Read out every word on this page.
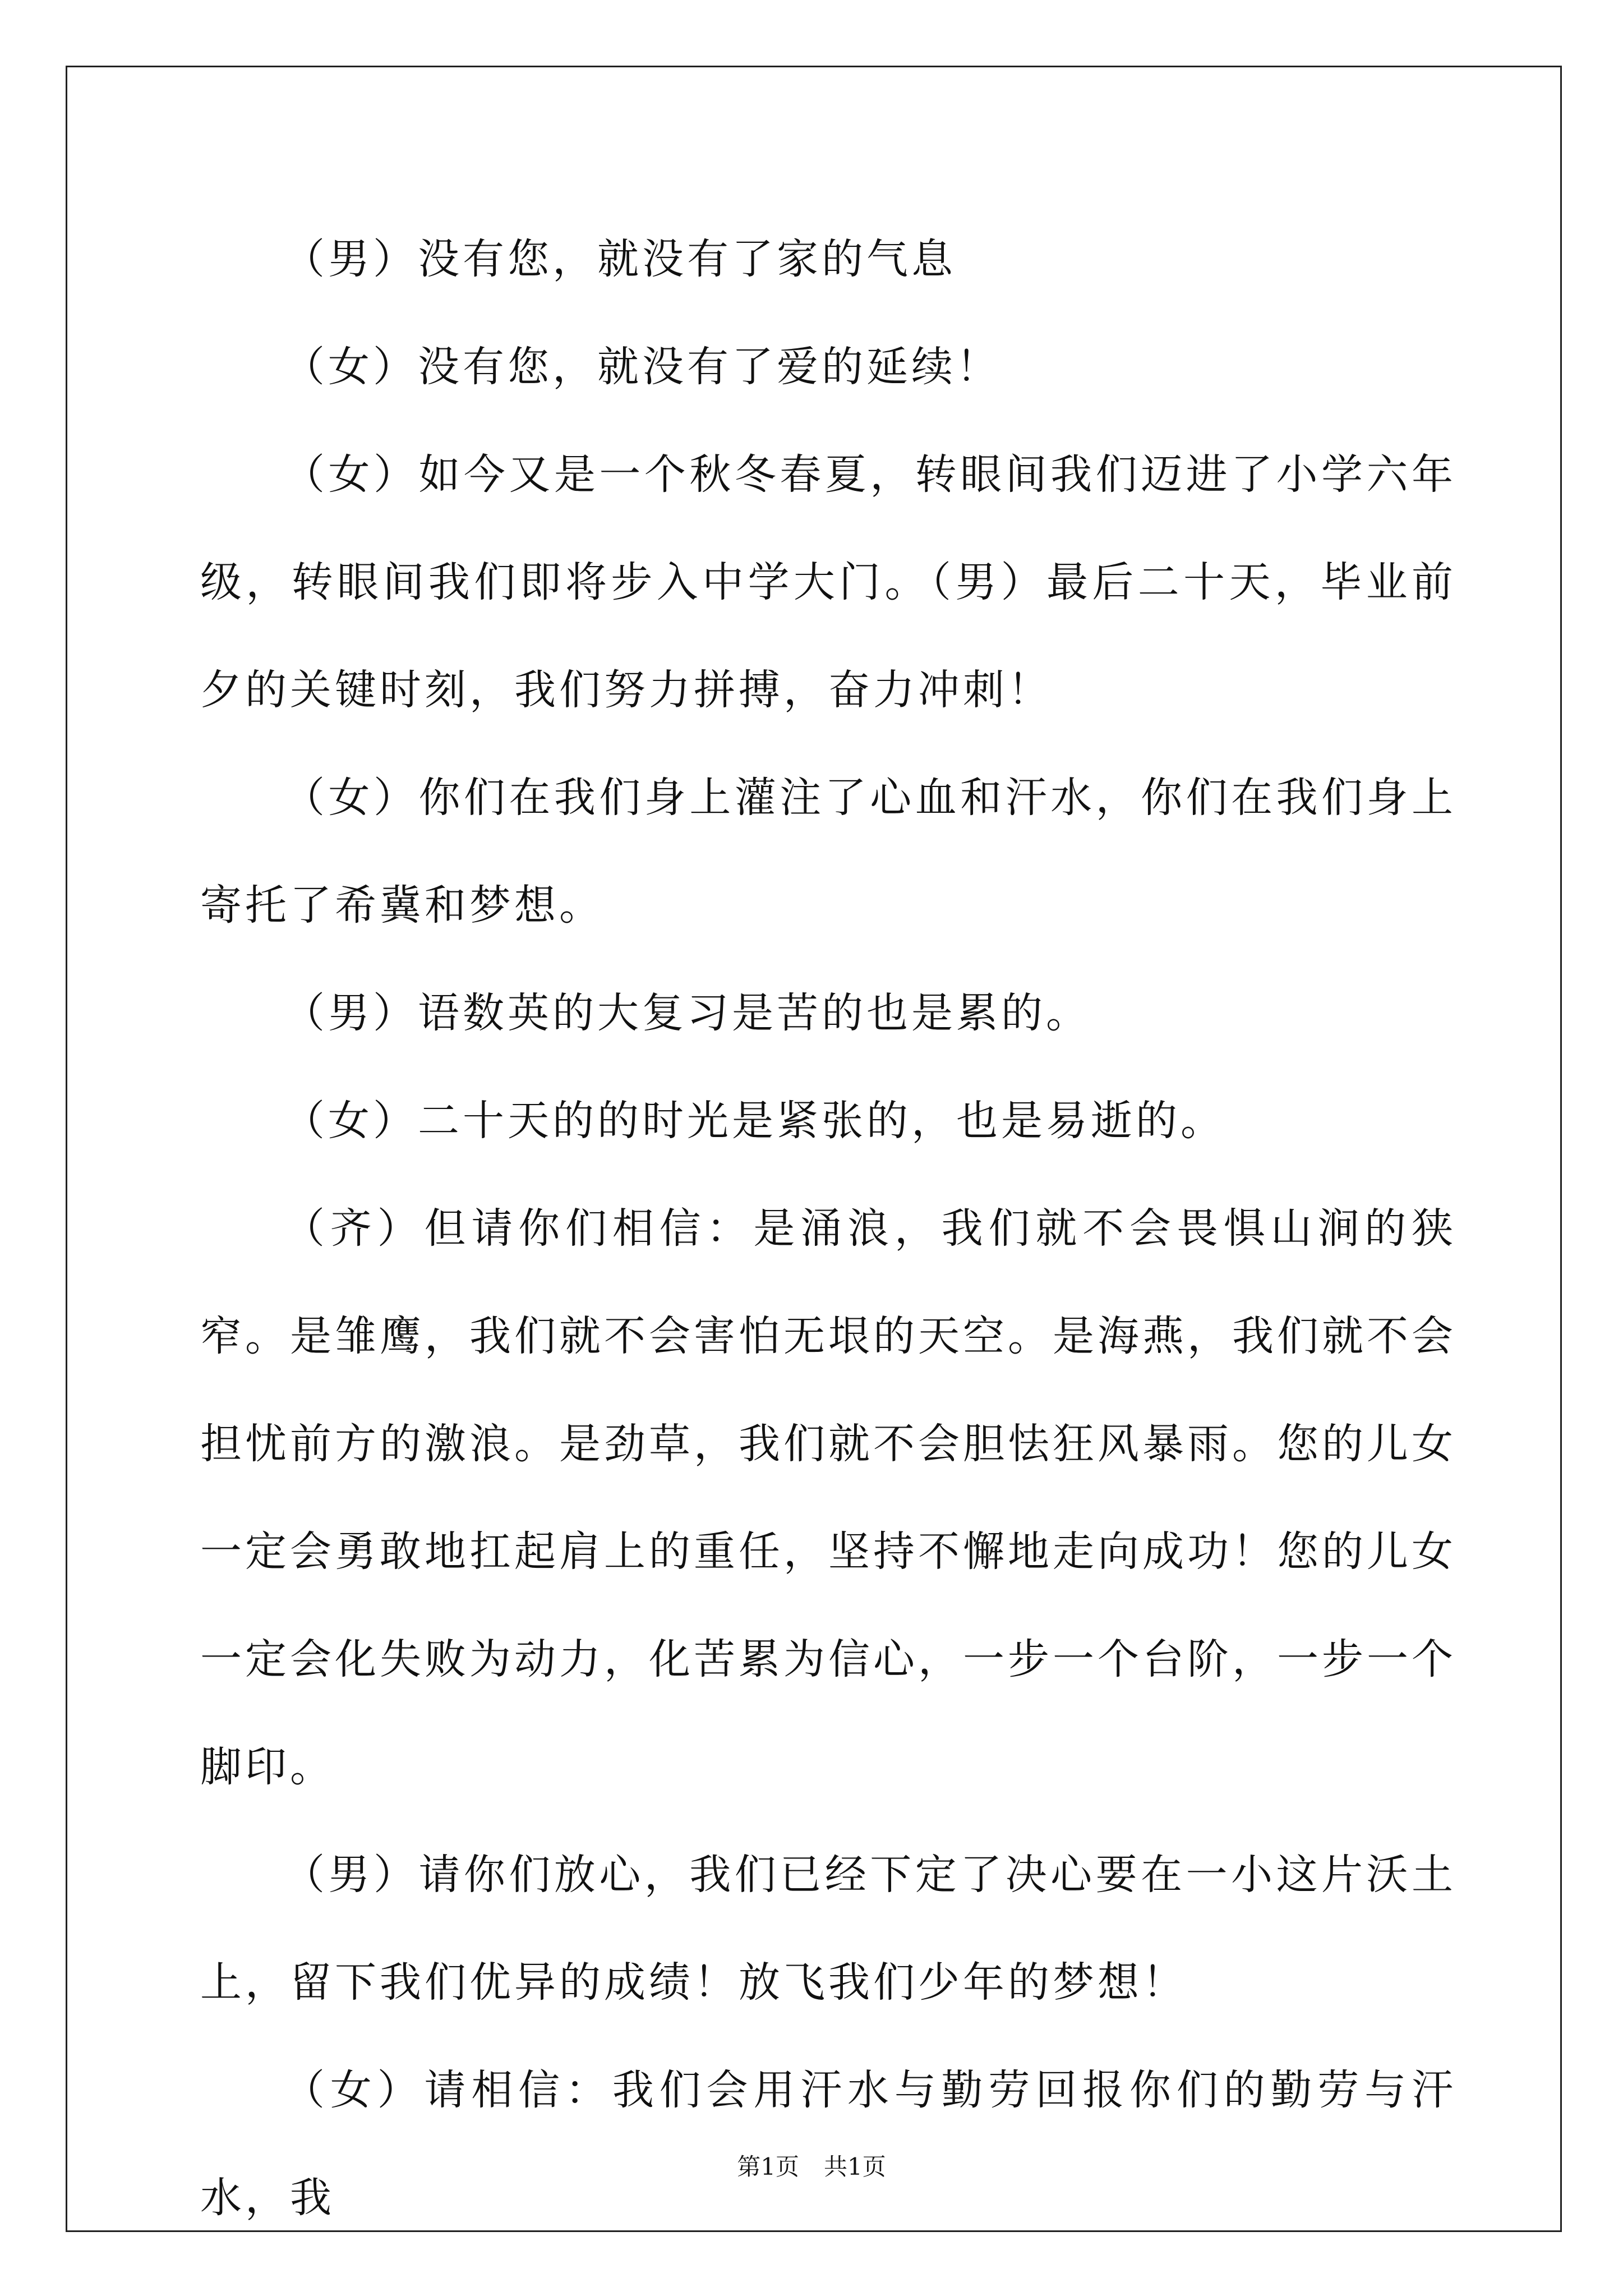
（男）没有您，就没有了家的气息

（女）没有您，就没有了爱的延续！

（女）如今又是一个秋冬春夏，转眼间我们迈进了小学六年级，转眼间我们即将步入中学大门。（男）最后二十天，毕业前夕的关键时刻，我们努力拼搏，奋力冲刺！

（女）你们在我们身上灌注了心血和汗水，你们在我们身上寄托了希冀和梦想。

（男）语数英的大复习是苦的也是累的。

（女）二十天的的时光是紧张的，也是易逝的。

（齐）但请你们相信：是涌浪，我们就不会畏惧山涧的狭窄。是雏鹰，我们就不会害怕无垠的天空。是海燕，我们就不会担忧前方的激浪。是劲草，我们就不会胆怯狂风暴雨。您的儿女一定会勇敢地扛起肩上的重任，坚持不懈地走向成功！您的儿女一定会化失败为动力，化苦累为信心，一步一个台阶，一步一个脚印。

（男）请你们放心，我们已经下定了决心要在一小这片沃土上，留下我们优异的成绩！放飞我们少年的梦想！

（女）请相信：我们会用汗水与勤劳回报你们的勤劳与汗水，我

第1页 共1页
